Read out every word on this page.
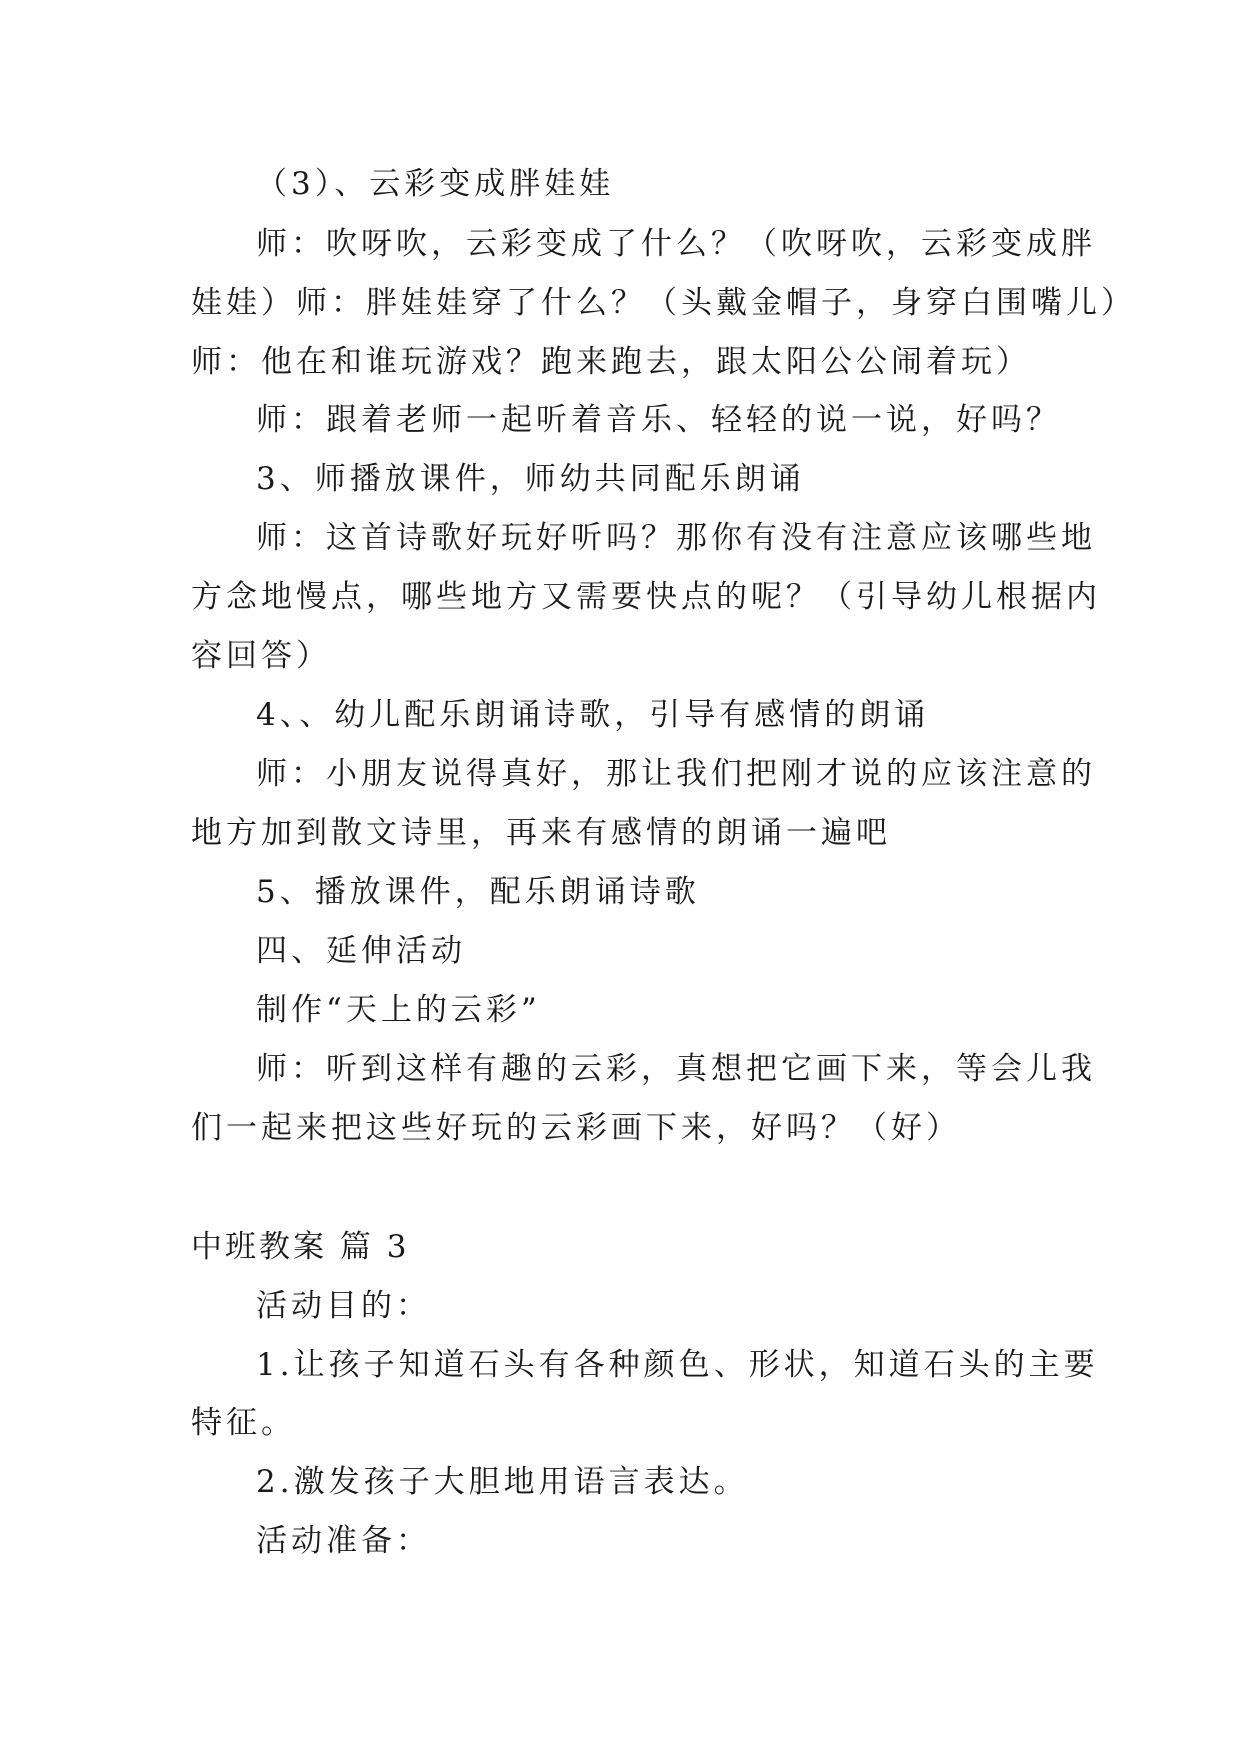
（3）、云彩变成胖娃娃
师：吹呀吹，云彩变成了什么？（吹呀吹，云彩变成胖
娃娃）师：胖娃娃穿了什么？（头戴金帽子，身穿白围嘴儿）
师：他在和谁玩游戏？跑来跑去，跟太阳公公闹着玩）
师：跟着老师一起听着音乐、轻轻的说一说，好吗？
3、师播放课件，师幼共同配乐朗诵
师：这首诗歌好玩好听吗？那你有没有注意应该哪些地
方念地慢点，哪些地方又需要快点的呢？（引导幼儿根据内
容回答）
4、、幼儿配乐朗诵诗歌，引导有感情的朗诵
师：小朋友说得真好，那让我们把刚才说的应该注意的
地方加到散文诗里，再来有感情的朗诵一遍吧
5、播放课件，配乐朗诵诗歌
四、延伸活动
制作“天上的云彩”
师：听到这样有趣的云彩，真想把它画下来，等会儿我
们一起来把这些好玩的云彩画下来，好吗？（好）
中班教案 篇 3
活动目的：
1.让孩子知道石头有各种颜色、形状，知道石头的主要
特征。
2.激发孩子大胆地用语言表达。
活动准备：
